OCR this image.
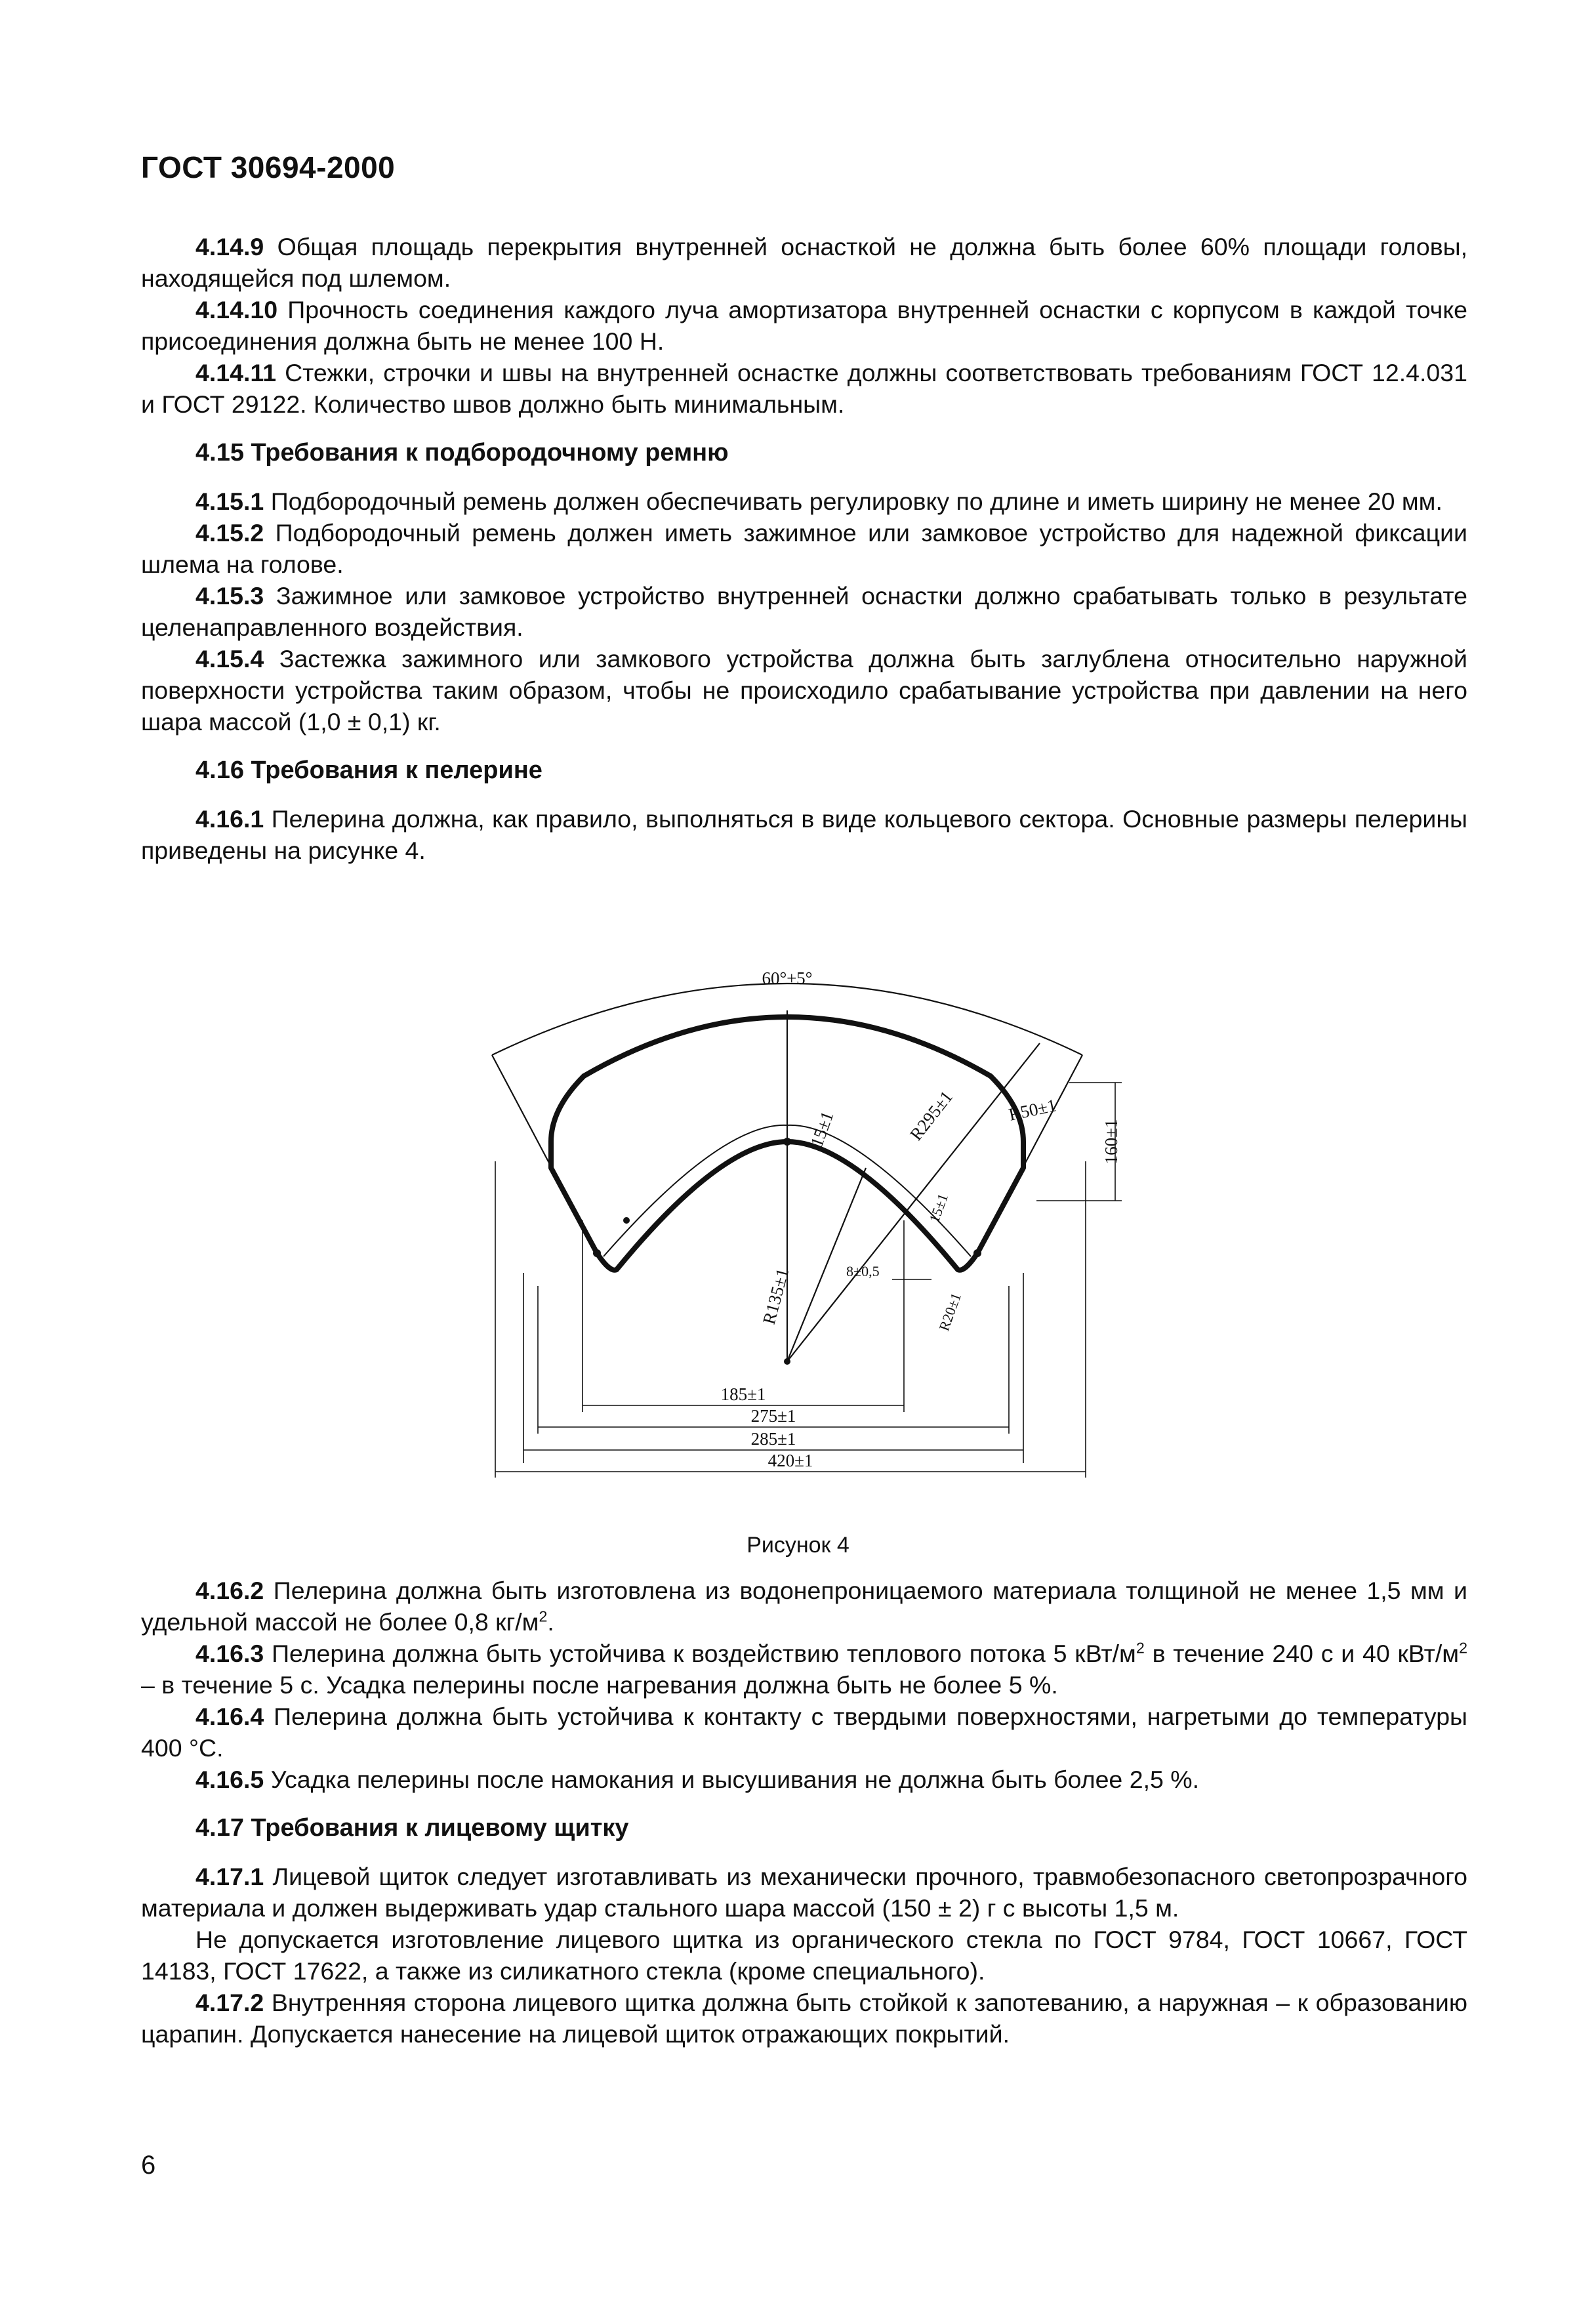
ГОСТ 30694-2000

4.14.9 Общая площадь перекрытия внутренней оснасткой не должна быть более 60% площади головы, находящейся под шлемом.

4.14.10 Прочность соединения каждого луча амортизатора внутренней оснастки с корпусом в каждой точке присоединения должна быть не менее 100 Н.

4.14.11 Стежки, строчки и швы на внутренней оснастке должны соответствовать требованиям ГОСТ 12.4.031 и ГОСТ 29122. Количество швов должно быть минимальным.

4.15 Требования к подбородочному ремню

4.15.1 Подбородочный ремень должен обеспечивать регулировку по длине и иметь ширину не менее 20 мм.

4.15.2 Подбородочный ремень должен иметь зажимное или замковое устройство для надежной фиксации шлема на голове.

4.15.3 Зажимное или замковое устройство внутренней оснастки должно срабатывать только в результате целенаправленного воздействия.

4.15.4 Застежка зажимного или замкового устройства должна быть заглублена относительно наружной поверхности устройства таким образом, чтобы не происходило срабатывание устройства при давлении на него шара массой (1,0 ± 0,1) кг.

4.16 Требования к пелерине

4.16.1 Пелерина должна, как правило, выполняться в виде кольцевого сектора. Основные размеры пелерины приведены на рисунке 4.

60°±5°
160±1
R50±1
R295±1
15±1
15±1
R135±1	8±0,5
R20±1
185±1
275±1
285±1
420±1
Рисунок 4

4.16.2 Пелерина должна быть изготовлена из водонепроницаемого материала толщиной не менее 1,5 мм и удельной массой не более 0,8 $кг/м^2$.

4.16.3 Пелерина должна быть устойчива к воздействию теплового потока 5 кВт/$м^2$ в течение 240 с и 40 кВт/$м^2$ – в течение 5 с. Усадка пелерины после нагревания должна быть не более 5 %.

4.16.4 Пелерина должна быть устойчива к контакту с твердыми поверхностями, нагретыми до температуры 400 °C.

4.16.5 Усадка пелерины после намокания и высушивания не должна быть более 2,5 %.

4.17 Требования к лицевому щитку

4.17.1 Лицевой щиток следует изготавливать из механически прочного, травмобезопасного светопрозрачного материала и должен выдерживать удар стального шара массой (150 ± 2) г с высоты 1,5 м.

Не допускается изготовление лицевого щитка из органического стекла по ГОСТ 9784, ГОСТ 10667, ГОСТ 14183, ГОСТ 17622, а также из силикатного стекла (кроме специального).

4.17.2 Внутренняя сторона лицевого щитка должна быть стойкой к запотеванию, а наружная – к образованию царапин. Допускается нанесение на лицевой щиток отражающих покрытий.

6
